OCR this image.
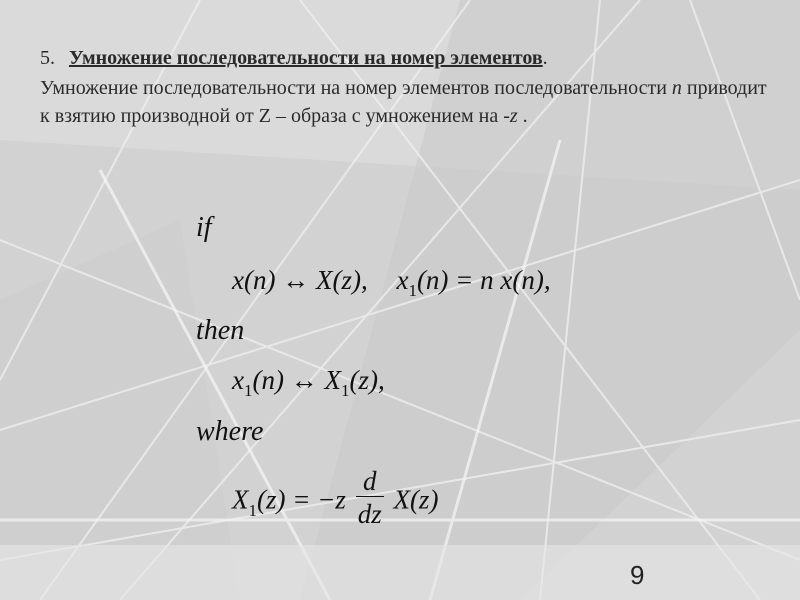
5. Умножение последовательности на номер элементов.
Умножение последовательности на номер элементов последовательности n приводит к взятию производной от Z – образа с умножением на -z .
if
x(n) ↔ X(z), $x_1(n) = n$ x(n),
then
$x_1(n)$ ↔ $X_1(z)$,
where
$X_1(z) = -z \frac{d}{dz} X(z)$
9
